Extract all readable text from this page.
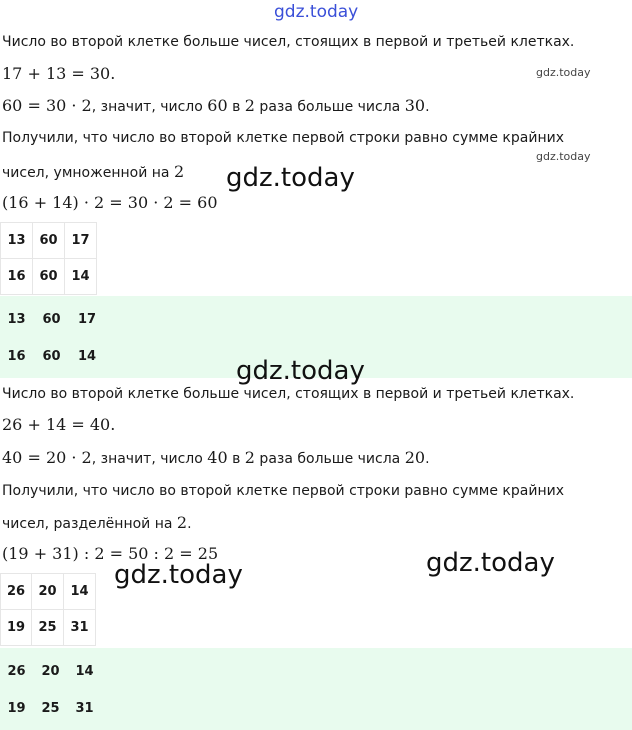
gdz.today
Число во второй клетке больше чисел, стоящих в первой и третьей клетках.
17 + 13 = 30.	gdz.today
60 = 30 · 2, значит, число 60 в 2 раза больше числа 30.
Получили, что число во второй клетке первой строки равно сумме крайних
gdz.today
чисел, умноженной на 2 gdz.today
(16 + 14) · 2 = 30 · 2 = 60
13	60	17
16	60	14
13	60	17
16	60	14	gdz.today
Число во второй клетке больше чисел, стоящих в первой и третьей клетках.
26 + 14 = 40.
40 = 20 · 2, значит, число 40 в 2 раза больше числа 20.
Получили, что число во второй клетке первой строки равно сумме крайних
чисел, разделённой на 2.
(19 + 31) : 2 = 50 : 2 = 25	gdz.today
26	20	14
19	25	31
gdz.today
26	20	14
19	25	31
